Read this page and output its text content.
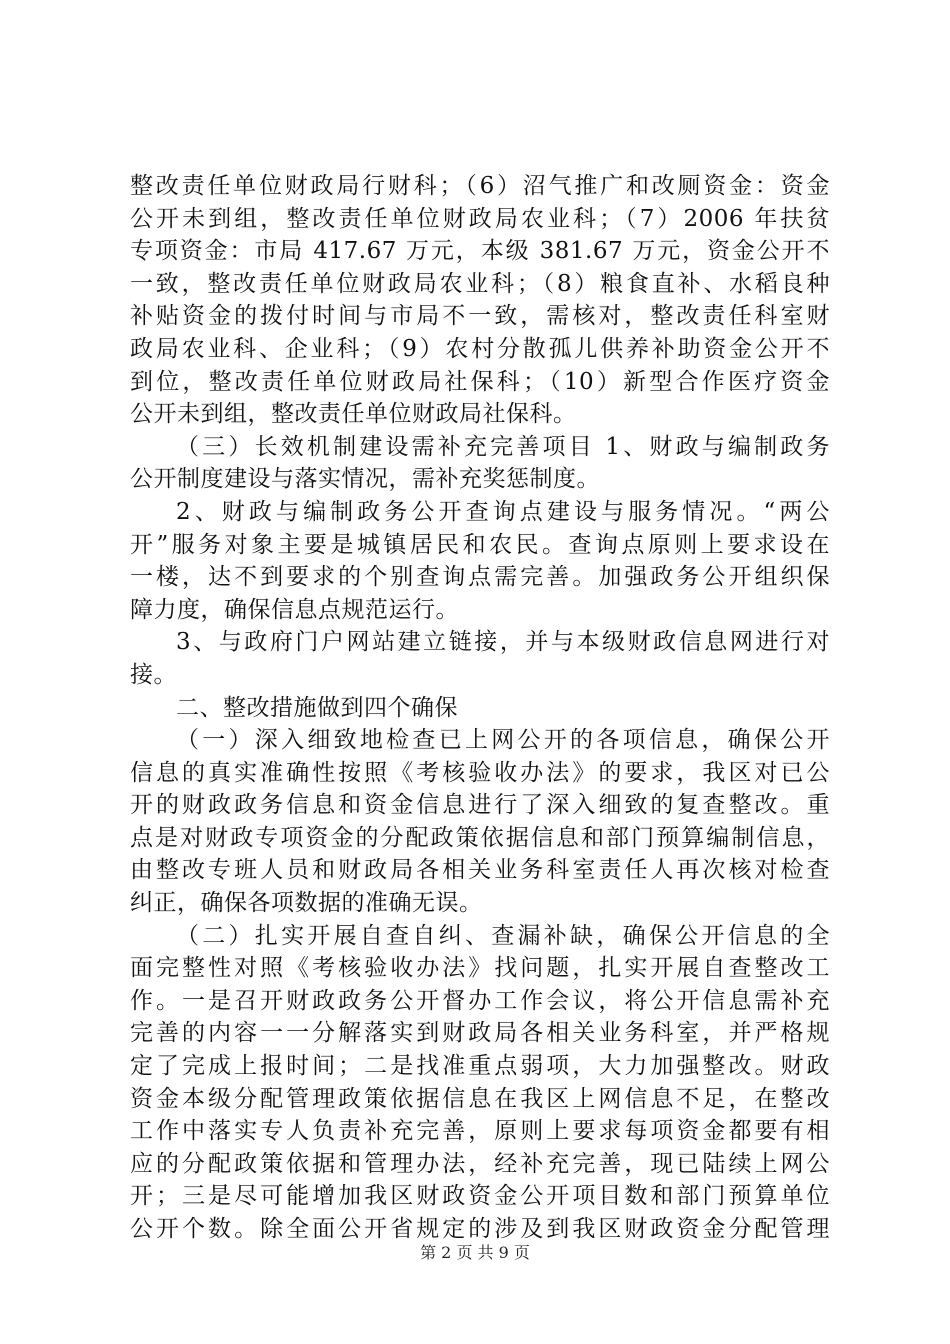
整改责任单位财政局行财科；（6）沼气推广和改厕资金：资金
公开未到组，整改责任单位财政局农业科；（7）2006 年扶贫
专项资金：市局 417.67 万元，本级 381.67 万元，资金公开不
一致，整改责任单位财政局农业科；（8）粮食直补、水稻良种
补贴资金的拨付时间与市局不一致，需核对，整改责任科室财
政局农业科、企业科；（9）农村分散孤儿供养补助资金公开不
到位，整改责任单位财政局社保科；（10）新型合作医疗资金
公开未到组，整改责任单位财政局社保科。
（三）长效机制建设需补充完善项目 1、财政与编制政务
公开制度建设与落实情况，需补充奖惩制度。
2、财政与编制政务公开查询点建设与服务情况。“两公
开”服务对象主要是城镇居民和农民。查询点原则上要求设在
一楼，达不到要求的个别查询点需完善。加强政务公开组织保
障力度，确保信息点规范运行。
3、与政府门户网站建立链接，并与本级财政信息网进行对
接。
二、整改措施做到四个确保
（一）深入细致地检查已上网公开的各项信息，确保公开
信息的真实准确性按照《考核验收办法》的要求，我区对已公
开的财政政务信息和资金信息进行了深入细致的复查整改。重
点是对财政专项资金的分配政策依据信息和部门预算编制信息，
由整改专班人员和财政局各相关业务科室责任人再次核对检查
纠正，确保各项数据的准确无误。
（二）扎实开展自查自纠、查漏补缺，确保公开信息的全
面完整性对照《考核验收办法》找问题，扎实开展自查整改工
作。一是召开财政政务公开督办工作会议，将公开信息需补充
完善的内容一一分解落实到财政局各相关业务科室，并严格规
定了完成上报时间；二是找准重点弱项，大力加强整改。财政
资金本级分配管理政策依据信息在我区上网信息不足，在整改
工作中落实专人负责补充完善，原则上要求每项资金都要有相
应的分配政策依据和管理办法，经补充完善，现已陆续上网公
开；三是尽可能增加我区财政资金公开项目数和部门预算单位
公开个数。除全面公开省规定的涉及到我区财政资金分配管理
第 2 页 共 9 页
